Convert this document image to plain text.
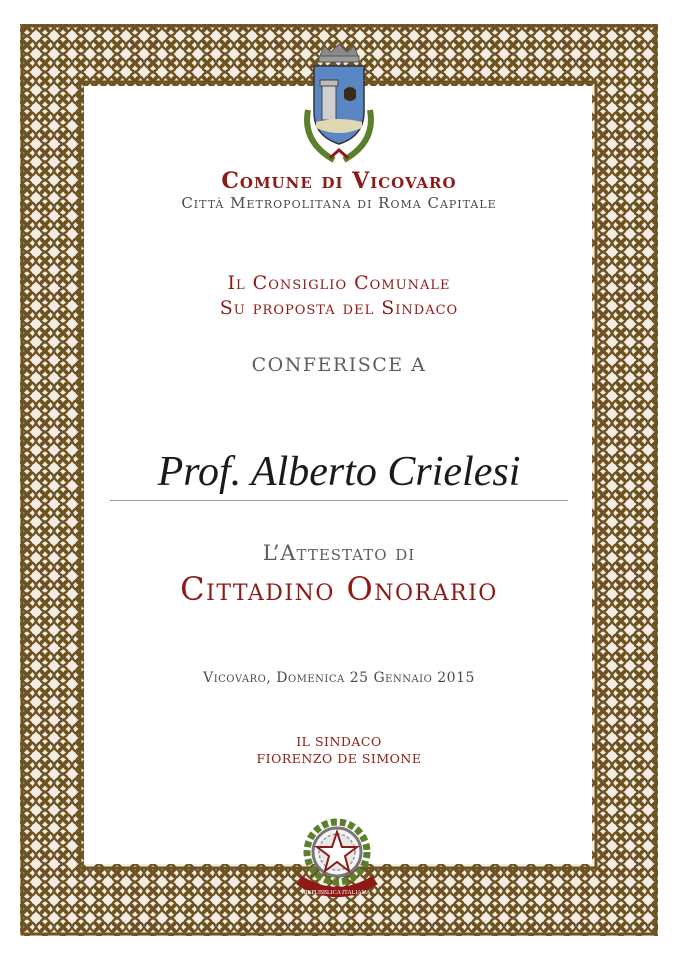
Comune di Vicovaro
Città Metropolitana di Roma Capitale
Il Consiglio Comunale
Su proposta del Sindaco
CONFERISCE A
Prof. Alberto Crielesi
L’Attestato di
Cittadino Onorario
Vicovaro, Domenica 25 Gennaio 2015
IL SINDACO
FIORENZO DE SIMONE
REPUBBLICA ITALIANA
